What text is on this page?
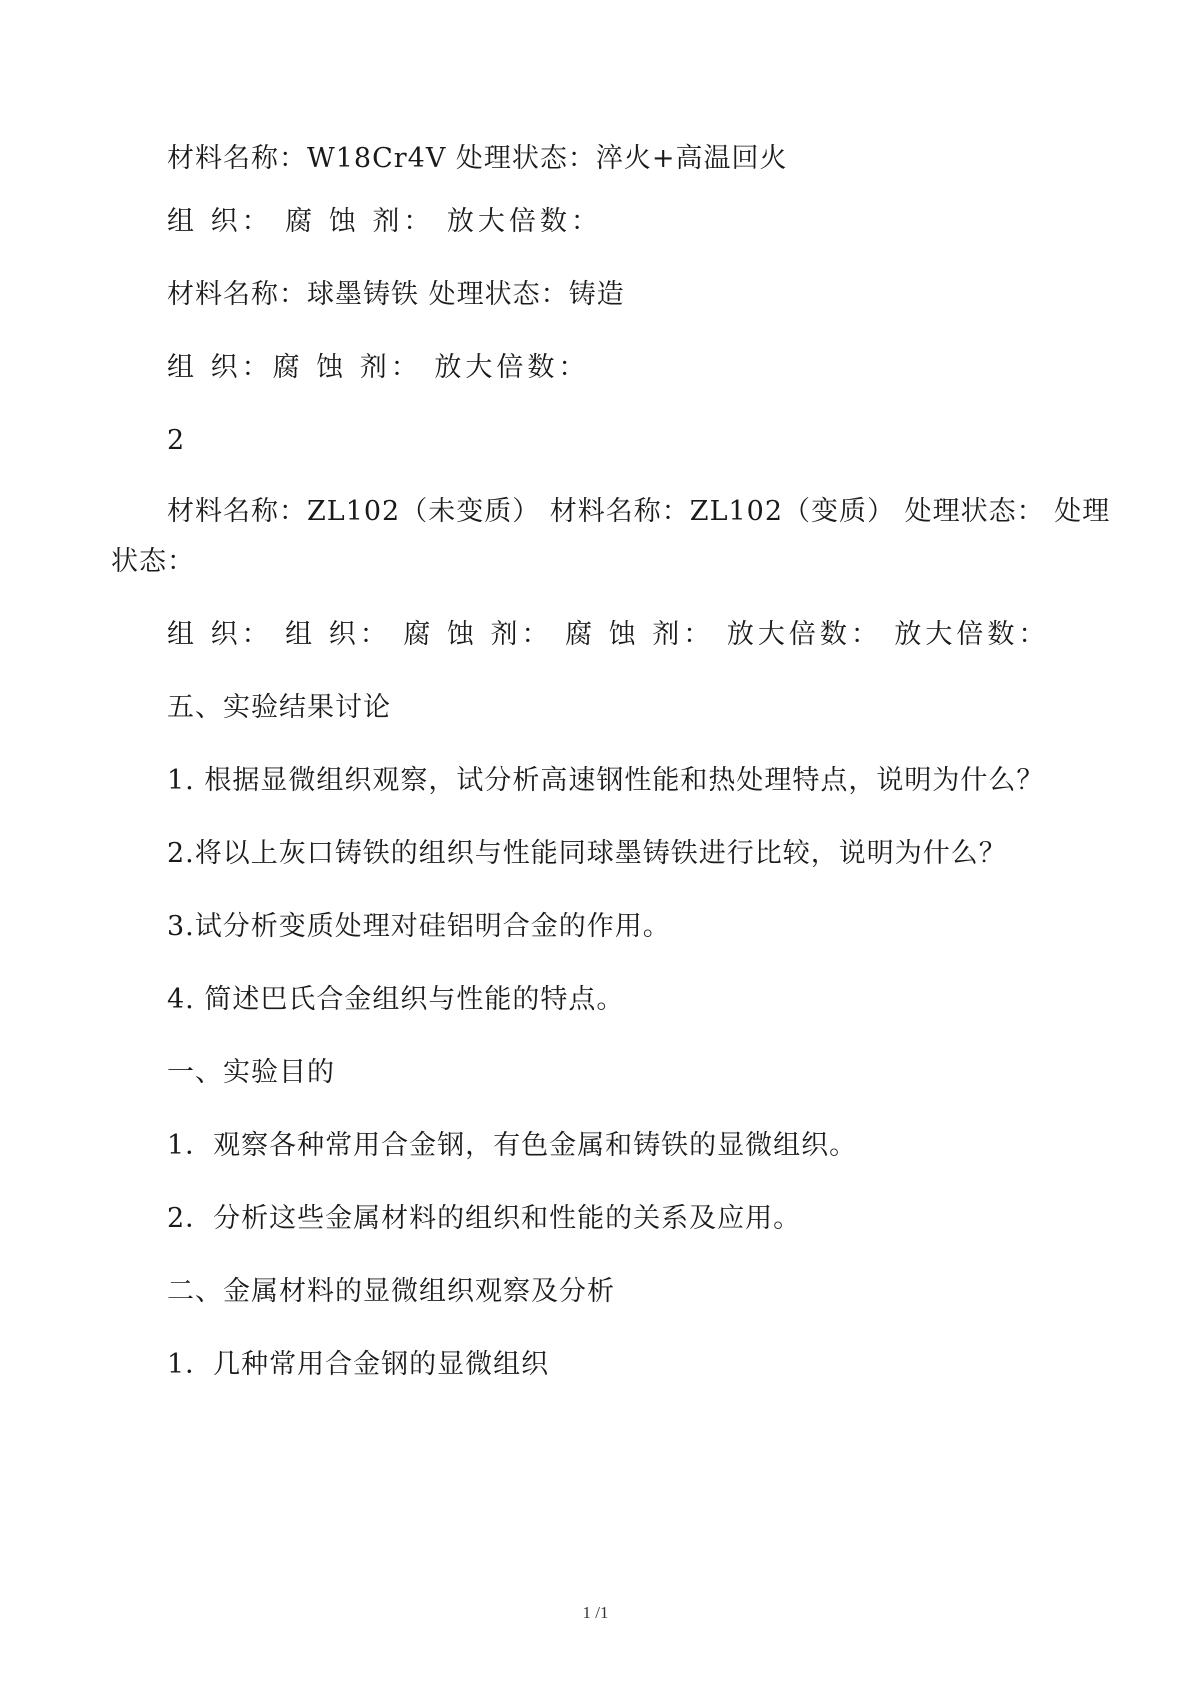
材料名称：W18Cr4V 处理状态：淬火+高温回火
组 织： 腐 蚀 剂： 放大倍数：
材料名称：球墨铸铁 处理状态：铸造
组 织：腐 蚀 剂： 放大倍数：
2
材料名称：ZL102（未变质） 材料名称：ZL102（变质） 处理状态： 处理
状态：
组 织： 组 织： 腐 蚀 剂： 腐 蚀 剂： 放大倍数： 放大倍数：
五、实验结果讨论
1. 根据显微组织观察，试分析高速钢性能和热处理特点，说明为什么？
2.将以上灰口铸铁的组织与性能同球墨铸铁进行比较，说明为什么？
3.试分析变质处理对硅铝明合金的作用。
4. 简述巴氏合金组织与性能的特点。
一、实验目的
1．观察各种常用合金钢，有色金属和铸铁的显微组织。
2．分析这些金属材料的组织和性能的关系及应用。
二、金属材料的显微组织观察及分析
1．几种常用合金钢的显微组织
1 /1
